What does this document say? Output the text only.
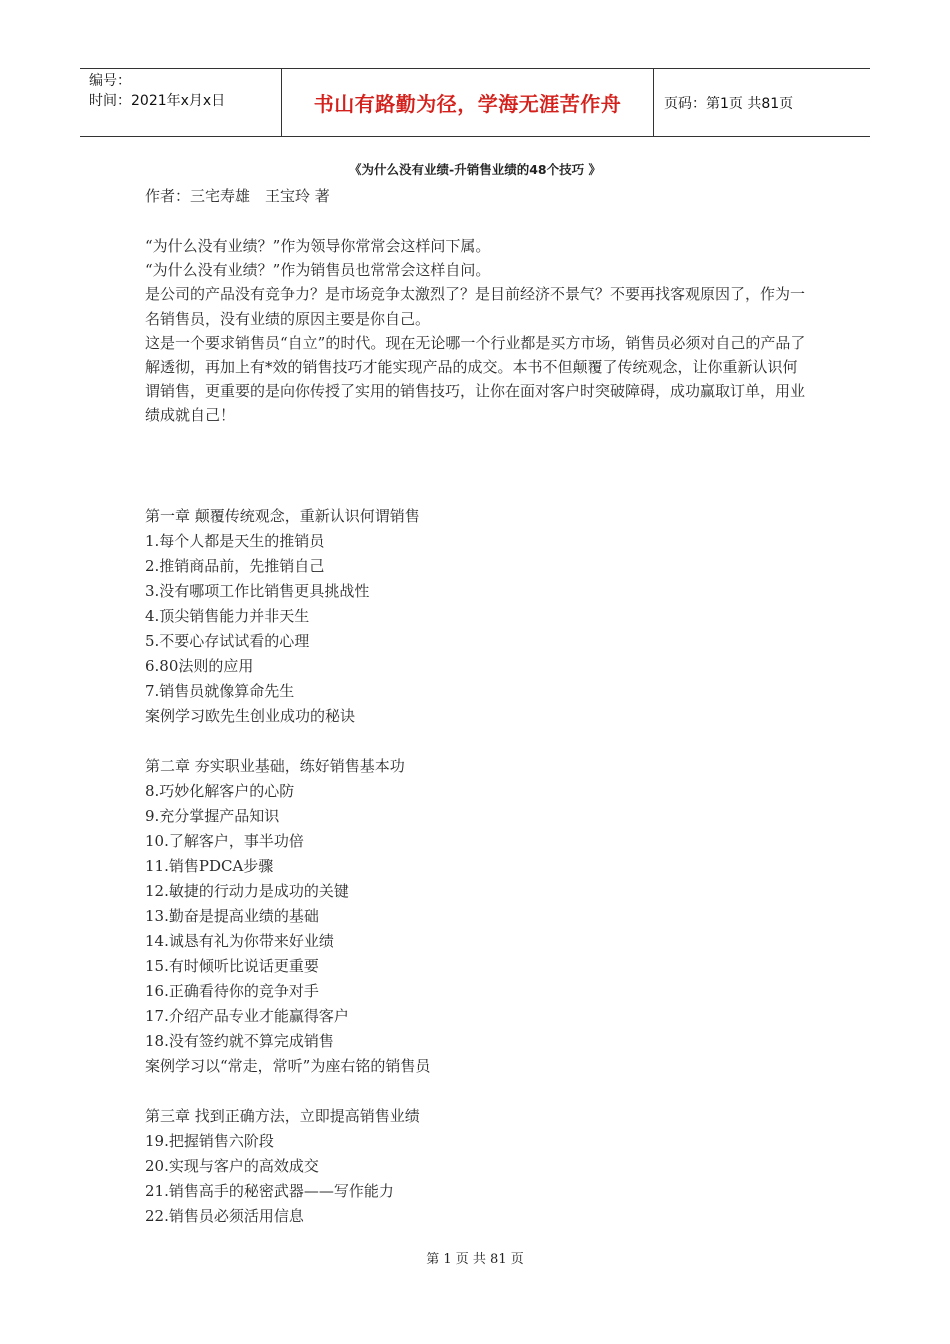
编号：
时间：2021年x月x日	书山有路勤为径，学海无涯苦作舟	页码：第1页 共81页
《为什么没有业绩-升销售业绩的48个技巧 》

作者：三宅寿雄　王宝玲 著

“为什么没有业绩？”作为领导你常常会这样问下属。

“为什么没有业绩？”作为销售员也常常会这样自问。

是公司的产品没有竞争力？是市场竞争太激烈了？是目前经济不景气？不要再找客观原因了，作为一名销售员，没有业绩的原因主要是你自己。

这是一个要求销售员“自立”的时代。现在无论哪一个行业都是买方市场，销售员必须对自己的产品了解透彻，再加上有*效的销售技巧才能实现产品的成交。本书不但颠覆了传统观念，让你重新认识何谓销售，更重要的是向你传授了实用的销售技巧，让你在面对客户时突破障碍，成功赢取订单，用业绩成就自己！

第一章 颠覆传统观念，重新认识何谓销售

1.每个人都是天生的推销员

2.推销商品前，先推销自己

3.没有哪项工作比销售更具挑战性

4.顶尖销售能力并非天生

5.不要心存试试看的心理

6.80法则的应用

7.销售员就像算命先生

案例学习欧先生创业成功的秘诀

第二章 夯实职业基础，练好销售基本功

8.巧妙化解客户的心防

9.充分掌握产品知识

10.了解客户，事半功倍

11.销售PDCA步骤

12.敏捷的行动力是成功的关键

13.勤奋是提高业绩的基础

14.诚恳有礼为你带来好业绩

15.有时倾听比说话更重要

16.正确看待你的竞争对手

17.介绍产品专业才能赢得客户

18.没有签约就不算完成销售

案例学习以“常走，常听”为座右铭的销售员

第三章 找到正确方法，立即提高销售业绩

19.把握销售六阶段

20.实现与客户的高效成交

21.销售高手的秘密武器——写作能力

22.销售员必须活用信息

第 1 页 共 81 页
